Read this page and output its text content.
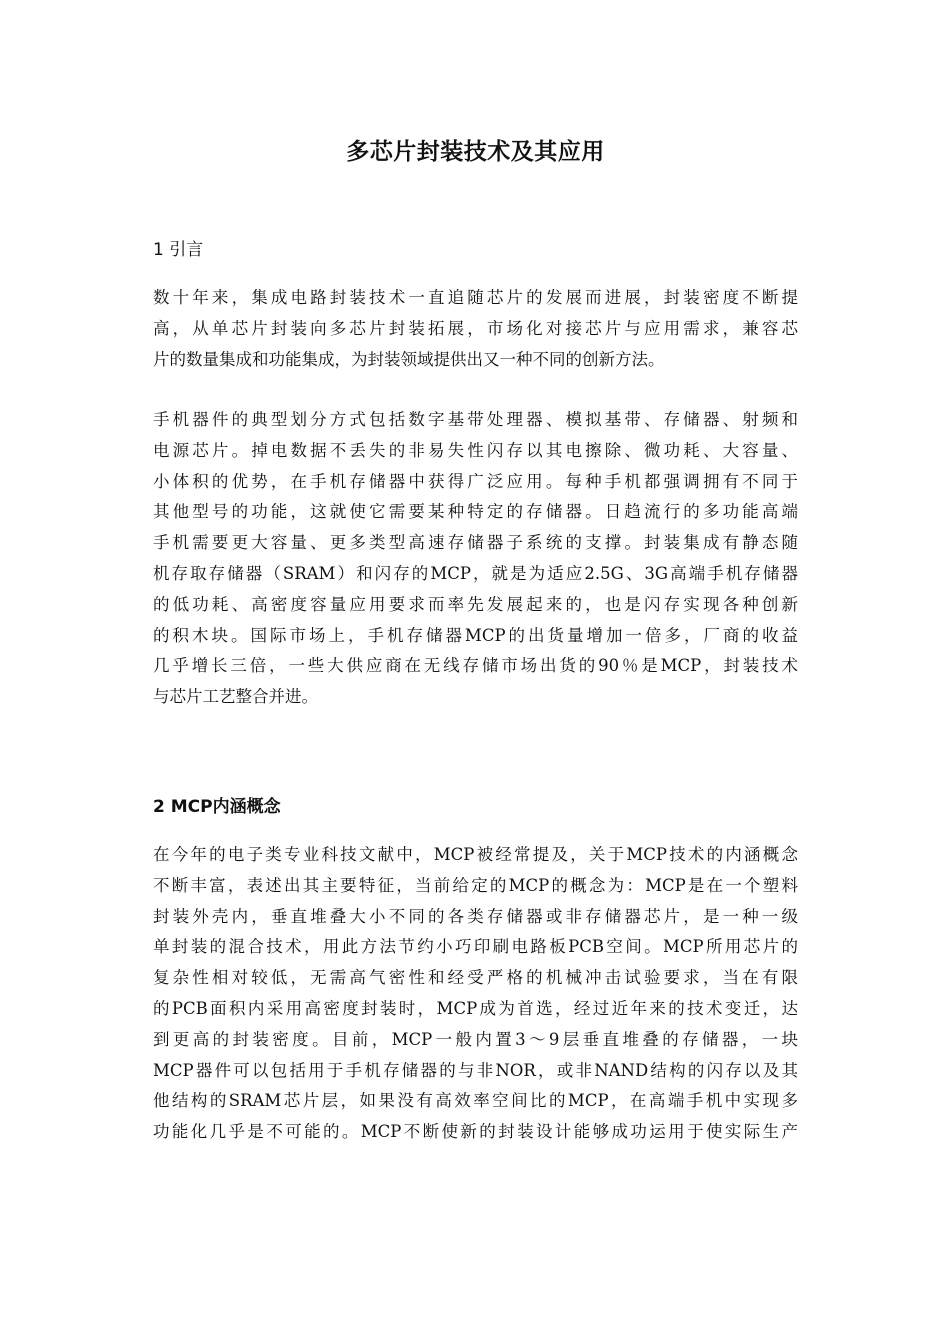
多芯片封装技术及其应用
1 引言
数十年来，集成电路封装技术一直追随芯片的发展而进展，封装密度不断提
高，从单芯片封装向多芯片封装拓展，市场化对接芯片与应用需求，兼容芯
片的数量集成和功能集成，为封装领域提供出又一种不同的创新方法。
手机器件的典型划分方式包括数字基带处理器、模拟基带、存储器、射频和
电源芯片。掉电数据不丢失的非易失性闪存以其电擦除、微功耗、大容量、
小体积的优势，在手机存储器中获得广泛应用。每种手机都强调拥有不同于
其他型号的功能，这就使它需要某种特定的存储器。日趋流行的多功能高端
手机需要更大容量、更多类型高速存储器子系统的支撑。封装集成有静态随
机存取存储器（SRAM）和闪存的MCP，就是为适应2.5G、3G高端手机存储器
的低功耗、高密度容量应用要求而率先发展起来的，也是闪存实现各种创新
的积木块。国际市场上，手机存储器MCP的出货量增加一倍多，厂商的收益
几乎增长三倍，一些大供应商在无线存储市场出货的90％是MCP，封装技术
与芯片工艺整合并进。
2 MCP内涵概念
在今年的电子类专业科技文献中，MCP被经常提及，关于MCP技术的内涵概念
不断丰富，表述出其主要特征，当前给定的MCP的概念为：MCP是在一个塑料
封装外壳内，垂直堆叠大小不同的各类存储器或非存储器芯片，是一种一级
单封装的混合技术，用此方法节约小巧印刷电路板PCB空间。MCP所用芯片的
复杂性相对较低，无需高气密性和经受严格的机械冲击试验要求，当在有限
的PCB面积内采用高密度封装时，MCP成为首选，经过近年来的技术变迁，达
到更高的封装密度。目前，MCP一般内置3～9层垂直堆叠的存储器，一块
MCP器件可以包括用于手机存储器的与非NOR，或非NAND结构的闪存以及其
他结构的SRAM芯片层，如果没有高效率空间比的MCP，在高端手机中实现多
功能化几乎是不可能的。MCP不断使新的封装设计能够成功运用于使实际生产
